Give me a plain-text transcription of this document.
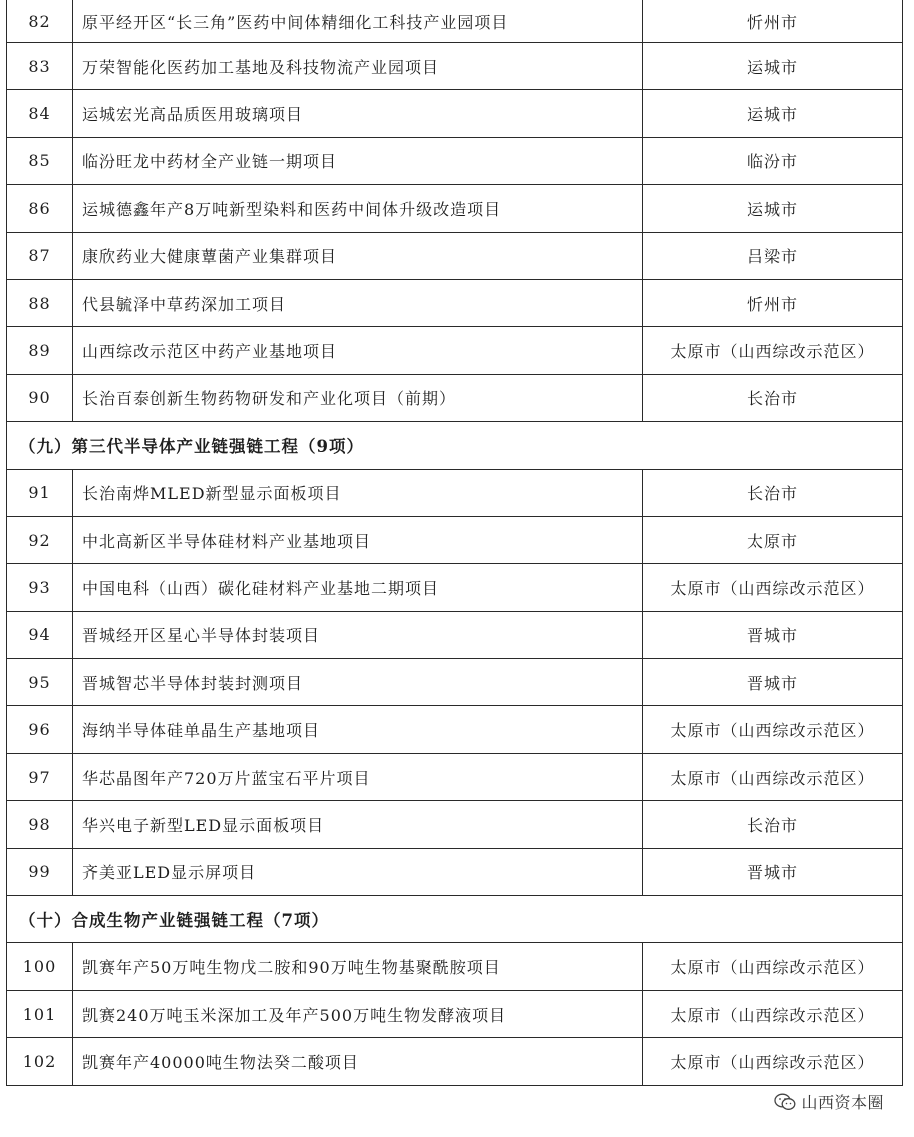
82	原平经开区“长三角”医药中间体精细化工科技产业园项目	忻州市
83	万荣智能化医药加工基地及科技物流产业园项目	运城市
84	运城宏光高品质医用玻璃项目	运城市
85	临汾旺龙中药材全产业链一期项目	临汾市
86	运城德鑫年产8万吨新型染料和医药中间体升级改造项目	运城市
87	康欣药业大健康蕈菌产业集群项目	吕梁市
88	代县毓泽中草药深加工项目	忻州市
89	山西综改示范区中药产业基地项目	太原市（山西综改示范区）
90	长治百泰创新生物药物研发和产业化项目（前期）	长治市
（九）第三代半导体产业链强链工程（9项）		
91	长治南烨MLED新型显示面板项目	长治市
92	中北高新区半导体硅材料产业基地项目	太原市
93	中国电科（山西）碳化硅材料产业基地二期项目	太原市（山西综改示范区）
94	晋城经开区星心半导体封装项目	晋城市
95	晋城智芯半导体封装封测项目	晋城市
96	海纳半导体硅单晶生产基地项目	太原市（山西综改示范区）
97	华芯晶图年产720万片蓝宝石平片项目	太原市（山西综改示范区）
98	华兴电子新型LED显示面板项目	长治市
99	齐美亚LED显示屏项目	晋城市
（十）合成生物产业链强链工程（7项）		
100	凯赛年产50万吨生物戊二胺和90万吨生物基聚酰胺项目	太原市（山西综改示范区）
101	凯赛240万吨玉米深加工及年产500万吨生物发酵液项目	太原市（山西综改示范区）
102	凯赛年产40000吨生物法癸二酸项目	太原市（山西综改示范区）
山西资本圈
